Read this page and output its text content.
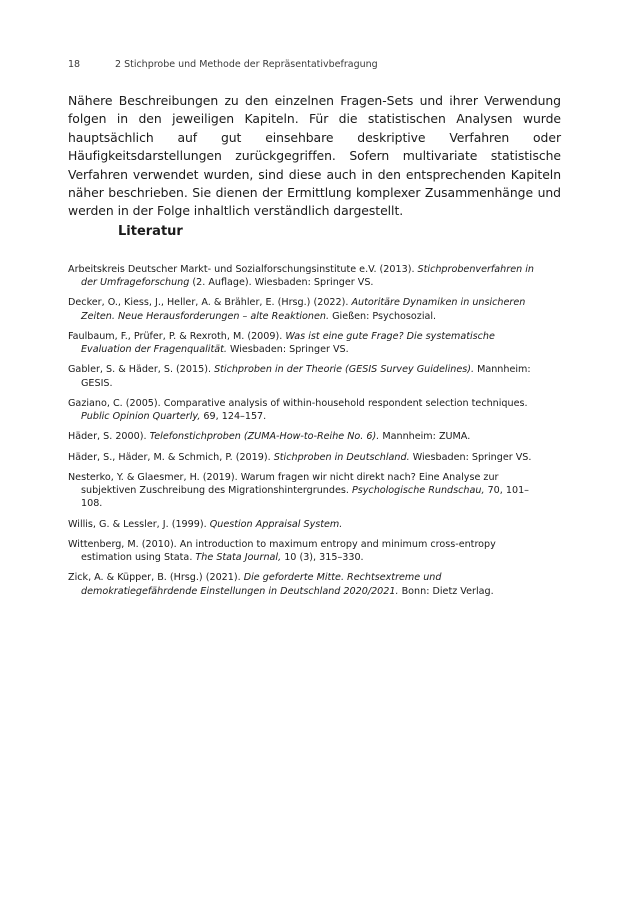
18	2 Stichprobe und Methode der Repräsentativbefragung

Nähere Beschreibungen zu den einzelnen Fragen-Sets und ihrer Verwendung folgen in den jeweiligen Kapiteln. Für die statistischen Analysen wurde hauptsächlich auf gut einsehbare deskriptive Verfahren oder Häufigkeitsdarstellungen zurückgegriffen. Sofern multivariate statistische Verfahren verwendet wurden, sind diese auch in den entsprechenden Kapiteln näher beschrieben. Sie dienen der Ermittlung komplexer Zusammenhänge und werden in der Folge inhaltlich verständlich dargestellt.

Literatur
Arbeitskreis Deutscher Markt- und Sozialforschungsinstitute e.V. (2013). Stichprobenverfahren in der Umfrageforschung (2. Auflage). Wiesbaden: Springer VS.
Decker, O., Kiess, J., Heller, A. & Brähler, E. (Hrsg.) (2022). Autoritäre Dynamiken in unsicheren Zeiten. Neue Herausforderungen – alte Reaktionen. Gießen: Psychosozial.
Faulbaum, F., Prüfer, P. & Rexroth, M. (2009). Was ist eine gute Frage? Die systematische Evaluation der Fragenqualität. Wiesbaden: Springer VS.
Gabler, S. & Häder, S. (2015). Stichproben in der Theorie (GESIS Survey Guidelines). Mannheim: GESIS.
Gaziano, C. (2005). Comparative analysis of within-household respondent selection techniques. Public Opinion Quarterly, 69, 124–157.
Häder, S. 2000). Telefonstichproben (ZUMA-How-to-Reihe No. 6). Mannheim: ZUMA.
Häder, S., Häder, M. & Schmich, P. (2019). Stichproben in Deutschland. Wiesbaden: Springer VS.
Nesterko, Y. & Glaesmer, H. (2019). Warum fragen wir nicht direkt nach? Eine Analyse zur subjektiven Zuschreibung des Migrationshintergrundes. Psychologische Rundschau, 70, 101–108.
Willis, G. & Lessler, J. (1999). Question Appraisal System.
Wittenberg, M. (2010). An introduction to maximum entropy and minimum cross-entropy estimation using Stata. The Stata Journal, 10 (3), 315–330.
Zick, A. & Küpper, B. (Hrsg.) (2021). Die geforderte Mitte. Rechtsextreme und demokratiegefährdende Einstellungen in Deutschland 2020/2021. Bonn: Dietz Verlag.
